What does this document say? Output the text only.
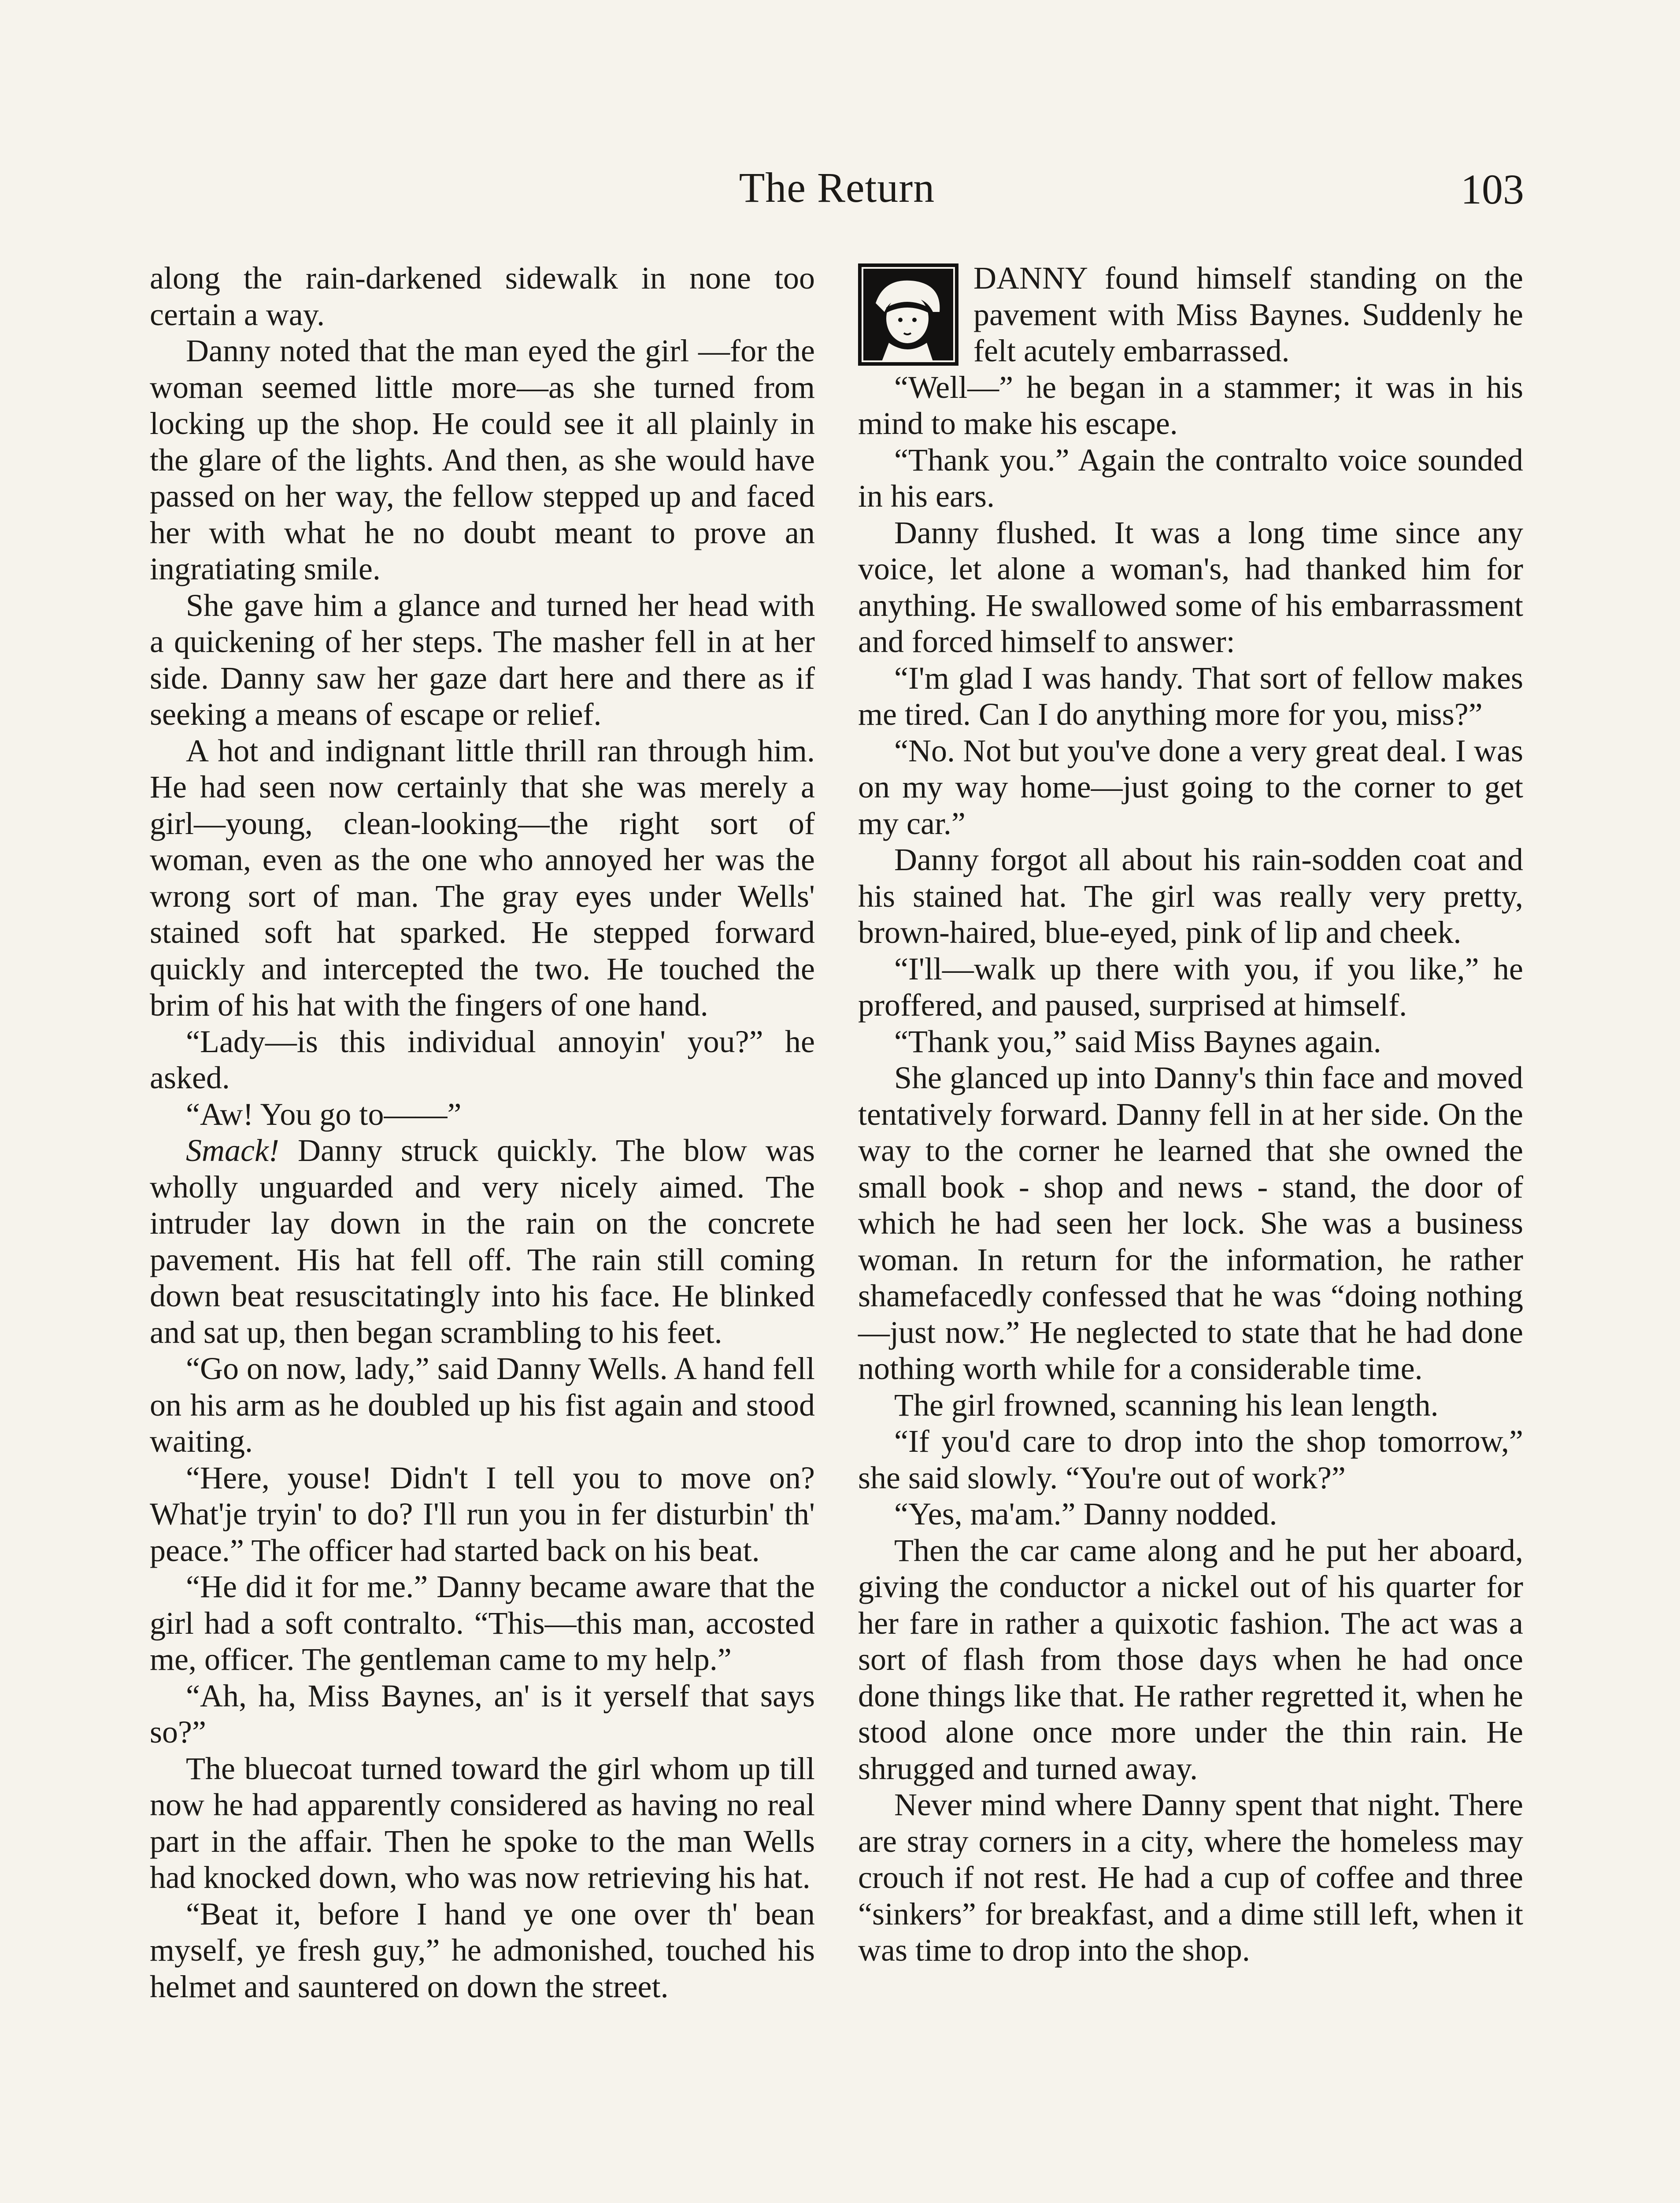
The Return	103

along the rain-darkened sidewalk in none too certain a way.

Danny noted that the man eyed the girl —for the woman seemed little more—as she turned from locking up the shop. He could see it all plainly in the glare of the lights. And then, as she would have passed on her way, the fellow stepped up and faced her with what he no doubt meant to prove an ingratiating smile.

She gave him a glance and turned her head with a quickening of her steps. The masher fell in at her side. Danny saw her gaze dart here and there as if seeking a means of escape or relief.

A hot and indignant little thrill ran through him. He had seen now certainly that she was merely a girl—young, clean-looking—the right sort of woman, even as the one who annoyed her was the wrong sort of man. The gray eyes under Wells' stained soft hat sparked. He stepped forward quickly and intercepted the two. He touched the brim of his hat with the fingers of one hand.

“Lady—is this individual annoyin' you?” he asked.

“Aw! You go to——”

Smack! Danny struck quickly. The blow was wholly unguarded and very nicely aimed. The intruder lay down in the rain on the concrete pavement. His hat fell off. The rain still coming down beat resuscitatingly into his face. He blinked and sat up, then began scrambling to his feet.

“Go on now, lady,” said Danny Wells. A hand fell on his arm as he doubled up his fist again and stood waiting.

“Here, youse! Didn't I tell you to move on? What'je tryin' to do? I'll run you in fer disturbin' th' peace.” The officer had started back on his beat.

“He did it for me.” Danny became aware that the girl had a soft contralto. “This—this man, accosted me, officer. The gentleman came to my help.”

“Ah, ha, Miss Baynes, an' is it yerself that says so?”

The bluecoat turned toward the girl whom up till now he had apparently considered as having no real part in the affair. Then he spoke to the man Wells had knocked down, who was now retrieving his hat.

“Beat it, before I hand ye one over th' bean myself, ye fresh guy,” he admonished, touched his helmet and sauntered on down the street.

DANNY found himself standing on the pavement with Miss Baynes. Suddenly he felt acutely embarrassed.

“Well—” he began in a stammer; it was in his mind to make his escape.

“Thank you.” Again the contralto voice sounded in his ears.

Danny flushed. It was a long time since any voice, let alone a woman's, had thanked him for anything. He swallowed some of his embarrassment and forced himself to answer:

“I'm glad I was handy. That sort of fellow makes me tired. Can I do anything more for you, miss?”

“No. Not but you've done a very great deal. I was on my way home—just going to the corner to get my car.”

Danny forgot all about his rain-sodden coat and his stained hat. The girl was really very pretty, brown-haired, blue-eyed, pink of lip and cheek.

“I'll—walk up there with you, if you like,” he proffered, and paused, surprised at himself.

“Thank you,” said Miss Baynes again.

She glanced up into Danny's thin face and moved tentatively forward. Danny fell in at her side. On the way to the corner he learned that she owned the small book - shop and news - stand, the door of which he had seen her lock. She was a business woman. In return for the information, he rather shamefacedly confessed that he was “doing nothing—just now.” He neglected to state that he had done nothing worth while for a considerable time.

The girl frowned, scanning his lean length.

“If you'd care to drop into the shop tomorrow,” she said slowly. “You're out of work?”

“Yes, ma'am.” Danny nodded.

Then the car came along and he put her aboard, giving the conductor a nickel out of his quarter for her fare in rather a quixotic fashion. The act was a sort of flash from those days when he had once done things like that. He rather regretted it, when he stood alone once more under the thin rain. He shrugged and turned away.

Never mind where Danny spent that night. There are stray corners in a city, where the homeless may crouch if not rest. He had a cup of coffee and three “sinkers” for breakfast, and a dime still left, when it was time to drop into the shop.
